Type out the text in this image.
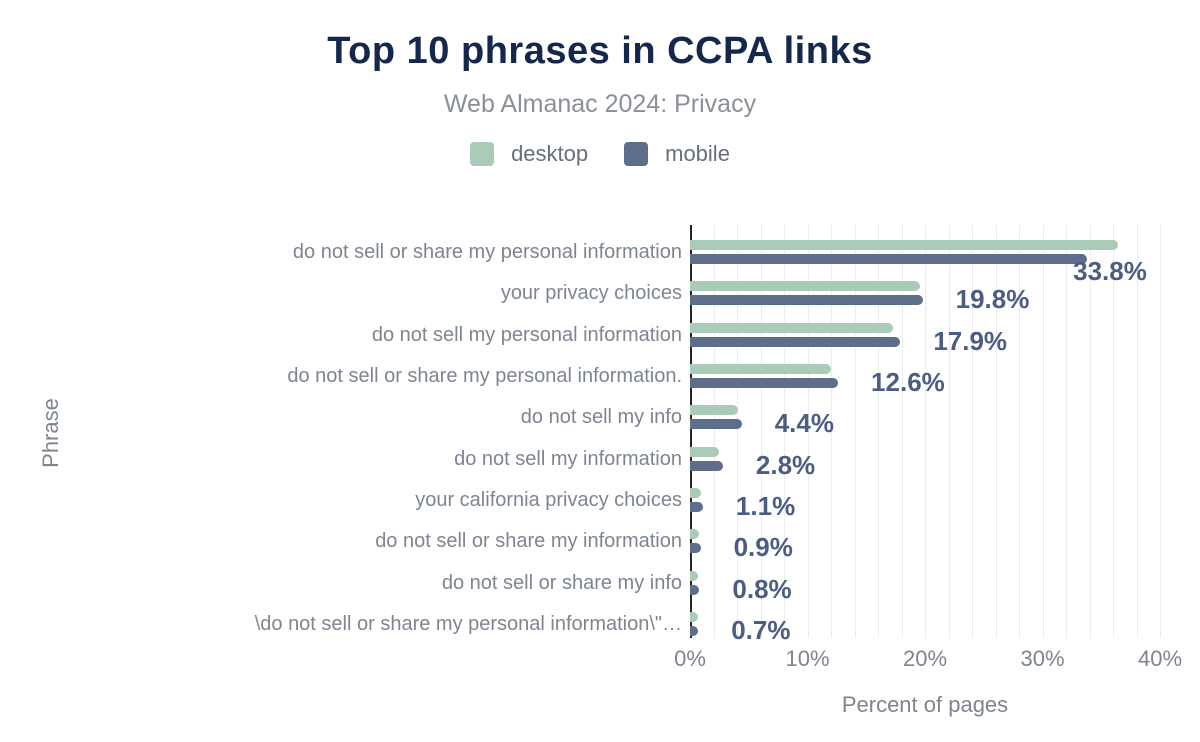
Top 10 phrases in CCPA links
Web Almanac 2024: Privacy
desktop	mobile
do not sell or share my personal information
33.8%
your privacy choices	19.8%
do not sell my personal information	17.9%
do not sell or share my personal information.	12.6%
do not sell my info	4.4%
do not sell my information	2.8%
your california privacy choices 1.1%
do not sell or share my information 0.9%
do not sell or share my info 0.8%
\do not sell or share my personal information\"… 0.7%
0%	10%	20%	30%	40%
Phrase
Percent of pages
